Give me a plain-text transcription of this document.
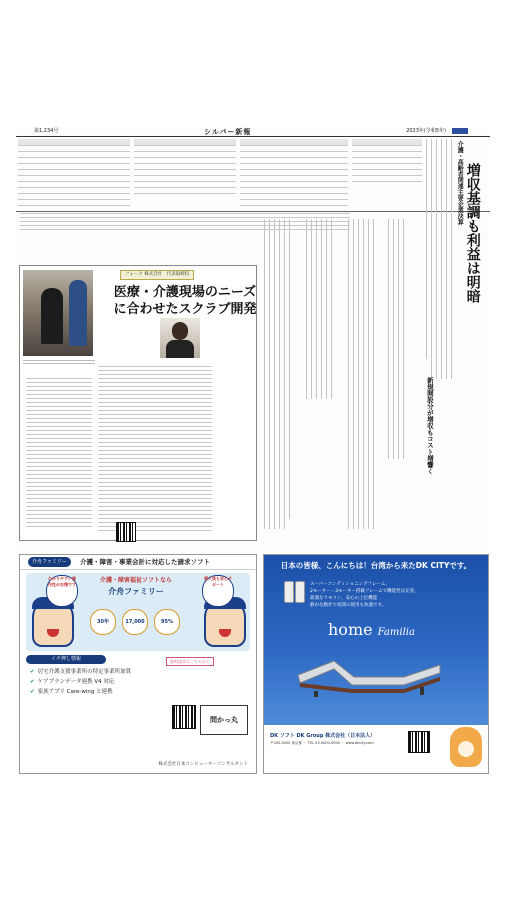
第1,234号	シルバー新報	2023年(令和5年)
介護・高齢者関連主要企業決算 増収基調も利益は明暗
新規開設分が増収もコスト増響く
フォーク 株式会社　代表取締役
医療・介護現場のニーズに合わせたスクラブ開発
介舟ファミリー	介護・障害・事業会計に対応した請求ソフト
介護・障害福祉ソフトなら
介舟ファミリー
わかりやすい操作性が自慢です
導入後も安心サポート
30年	17,000	95%
イチ押し情報
✔ 居宅介護支援事業所の特定事業所加算
✔ ケアプランデータ連携 V4 対応
✔ 家族アプリ Care-wing と連携
資料請求はこちらから
問かっ丸
株式会社日本コンピューターコンサルタント
日本の皆様、こんにちは！台湾から来たDK CITYです。
スーパーコンディショニングフレーム、
2モーター・3モーター搭載フレームで機能性は充実、
最適なリモコン、安心の上位機能
静かな動作で夜間の使用も快適です。
home Familia
DK ソフト DK Group 株式会社（日本法人）
〒000-0000 東京都 ・ TEL 03-0000-0000 ・ www.dkcity.com
